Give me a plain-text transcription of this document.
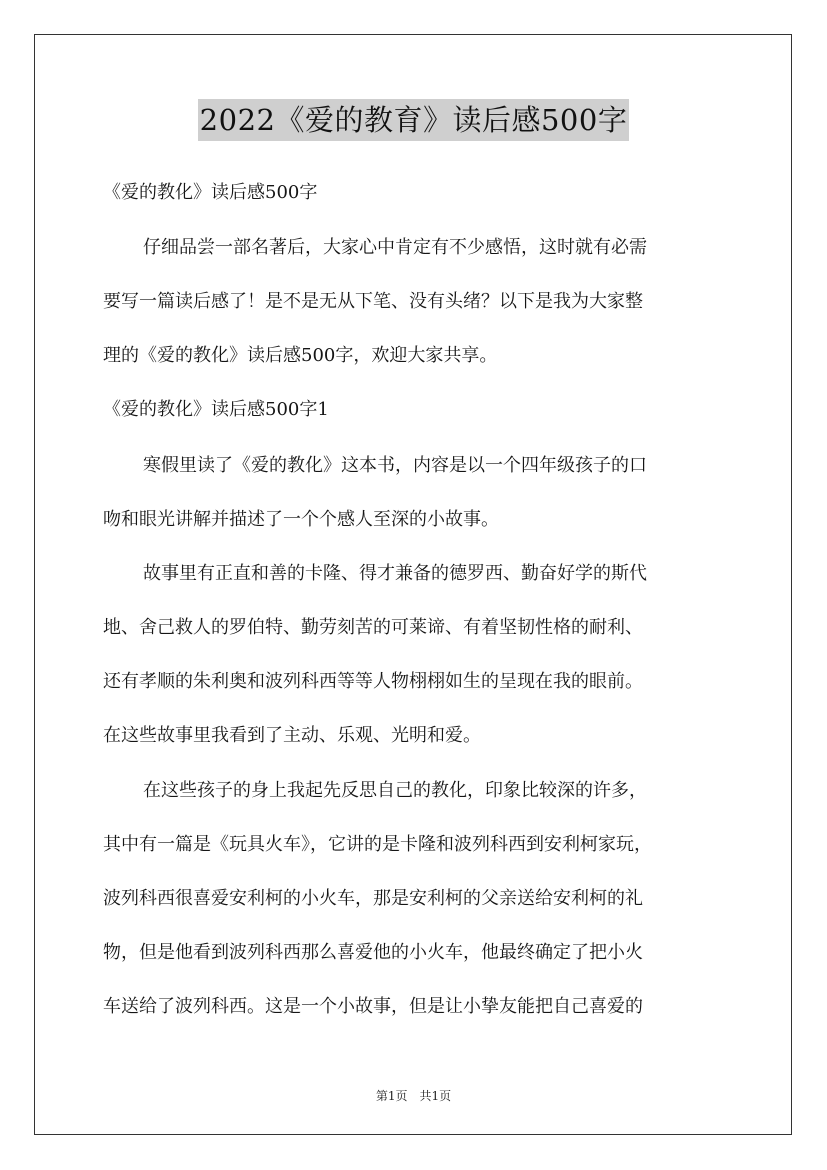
2022《爱的教育》读后感500字
《爱的教化》读后感500字
仔细品尝一部名著后，大家心中肯定有不少感悟，这时就有必需
要写一篇读后感了！是不是无从下笔、没有头绪？以下是我为大家整
理的《爱的教化》读后感500字，欢迎大家共享。
《爱的教化》读后感500字1
寒假里读了《爱的教化》这本书，内容是以一个四年级孩子的口
吻和眼光讲解并描述了一个个感人至深的小故事。
故事里有正直和善的卡隆、得才兼备的德罗西、勤奋好学的斯代
地、舍己救人的罗伯特、勤劳刻苦的可莱谛、有着坚韧性格的耐利、
还有孝顺的朱利奥和波列科西等等人物栩栩如生的呈现在我的眼前。
在这些故事里我看到了主动、乐观、光明和爱。
在这些孩子的身上我起先反思自己的教化，印象比较深的许多，
其中有一篇是《玩具火车》，它讲的是卡隆和波列科西到安利柯家玩，
波列科西很喜爱安利柯的小火车，那是安利柯的父亲送给安利柯的礼
物，但是他看到波列科西那么喜爱他的小火车，他最终确定了把小火
车送给了波列科西。这是一个小故事，但是让小挚友能把自己喜爱的
第1页　共1页
